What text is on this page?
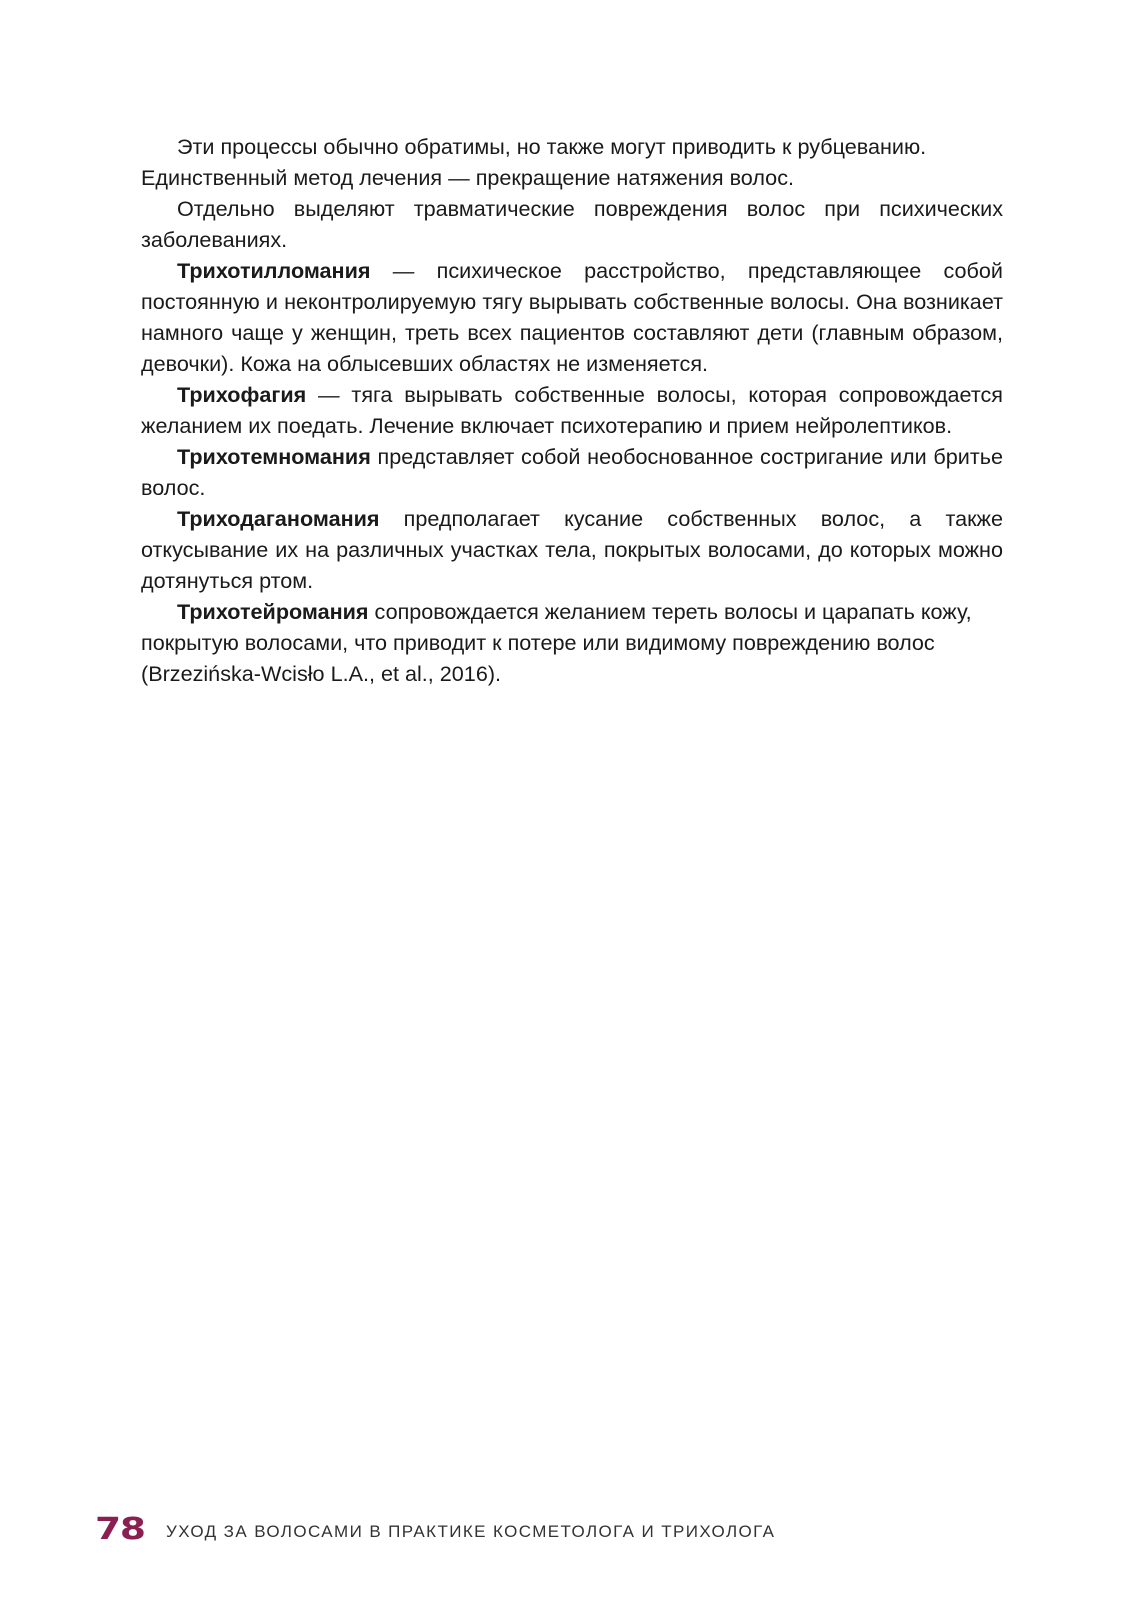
Эти процессы обычно обратимы, но также могут приводить к рубцеванию. Единственный метод лечения — прекращение натяжения волос.

Отдельно выделяют травматические повреждения волос при психических заболеваниях.

Трихотилломания — психическое расстройство, представляющее собой постоянную и неконтролируемую тягу вырывать собственные волосы. Она возникает намного чаще у женщин, треть всех пациентов составляют дети (главным образом, девочки). Кожа на облысевших областях не изменяется.

Трихофагия — тяга вырывать собственные волосы, которая сопровождается желанием их поедать. Лечение включает психотерапию и прием нейролептиков.

Трихотемномания представляет собой необоснованное состригание или бритье волос.

Триходаганомания предполагает кусание собственных волос, а также откусывание их на различных участках тела, покрытых волосами, до которых можно дотянуться ртом.

Трихотейромания сопровождается желанием тереть волосы и царапать кожу, покрытую волосами, что приводит к потере или видимому повреждению волос (Brzezińska-Wcisło L.A., et al., 2016).

78 УХОД ЗА ВОЛОСАМИ В ПРАКТИКЕ КОСМЕТОЛОГА И ТРИХОЛОГА
